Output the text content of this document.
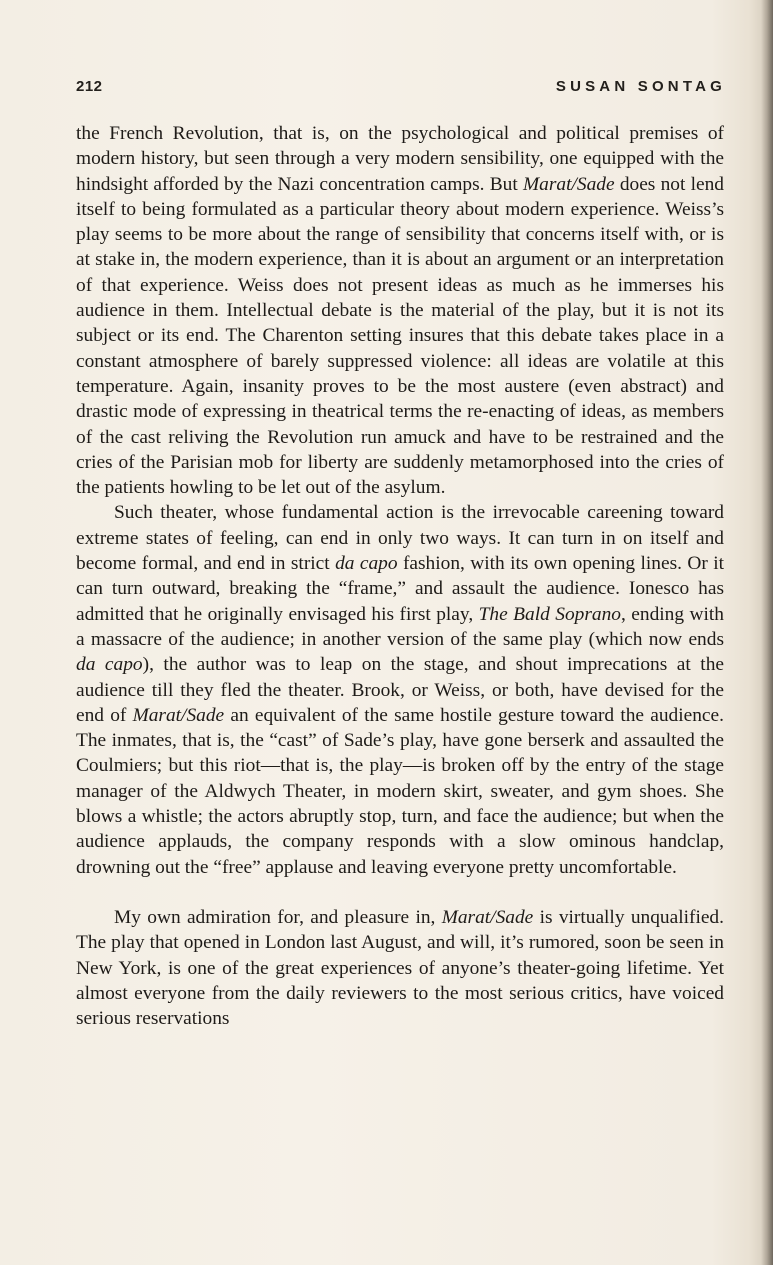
212	SUSAN SONTAG

the French Revolution, that is, on the psychological and political premises of modern history, but seen through a very modern sensibility, one equipped with the hindsight afforded by the Nazi concentration camps. But Marat/Sade does not lend itself to being formulated as a particular theory about modern experience. Weiss’s play seems to be more about the range of sensibility that concerns itself with, or is at stake in, the modern experience, than it is about an argument or an interpretation of that experience. Weiss does not present ideas as much as he immerses his audience in them. Intellectual debate is the material of the play, but it is not its subject or its end. The Charenton setting insures that this debate takes place in a constant atmosphere of barely suppressed violence: all ideas are volatile at this temperature. Again, insanity proves to be the most austere (even abstract) and drastic mode of expressing in theatrical terms the re-enacting of ideas, as members of the cast reliving the Revolution run amuck and have to be restrained and the cries of the Parisian mob for liberty are suddenly metamorphosed into the cries of the patients howling to be let out of the asylum.

Such theater, whose fundamental action is the irrevocable careening toward extreme states of feeling, can end in only two ways. It can turn in on itself and become formal, and end in strict da capo fashion, with its own opening lines. Or it can turn outward, breaking the “frame,” and assault the audience. Ionesco has admitted that he originally envisaged his first play, The Bald Soprano, ending with a massacre of the audience; in another version of the same play (which now ends da capo), the author was to leap on the stage, and shout imprecations at the audience till they fled the theater. Brook, or Weiss, or both, have devised for the end of Marat/Sade an equivalent of the same hostile gesture toward the audience. The inmates, that is, the “cast” of Sade’s play, have gone berserk and assaulted the Coulmiers; but this riot—that is, the play—is broken off by the entry of the stage manager of the Aldwych Theater, in modern skirt, sweater, and gym shoes. She blows a whistle; the actors abruptly stop, turn, and face the audience; but when the audience applauds, the company responds with a slow ominous handclap, drowning out the “free” applause and leaving everyone pretty uncomfortable.

My own admiration for, and pleasure in, Marat/Sade is virtually unqualified. The play that opened in London last August, and will, it’s rumored, soon be seen in New York, is one of the great experiences of anyone’s theater-going lifetime. Yet almost everyone from the daily reviewers to the most serious critics, have voiced serious reservations
